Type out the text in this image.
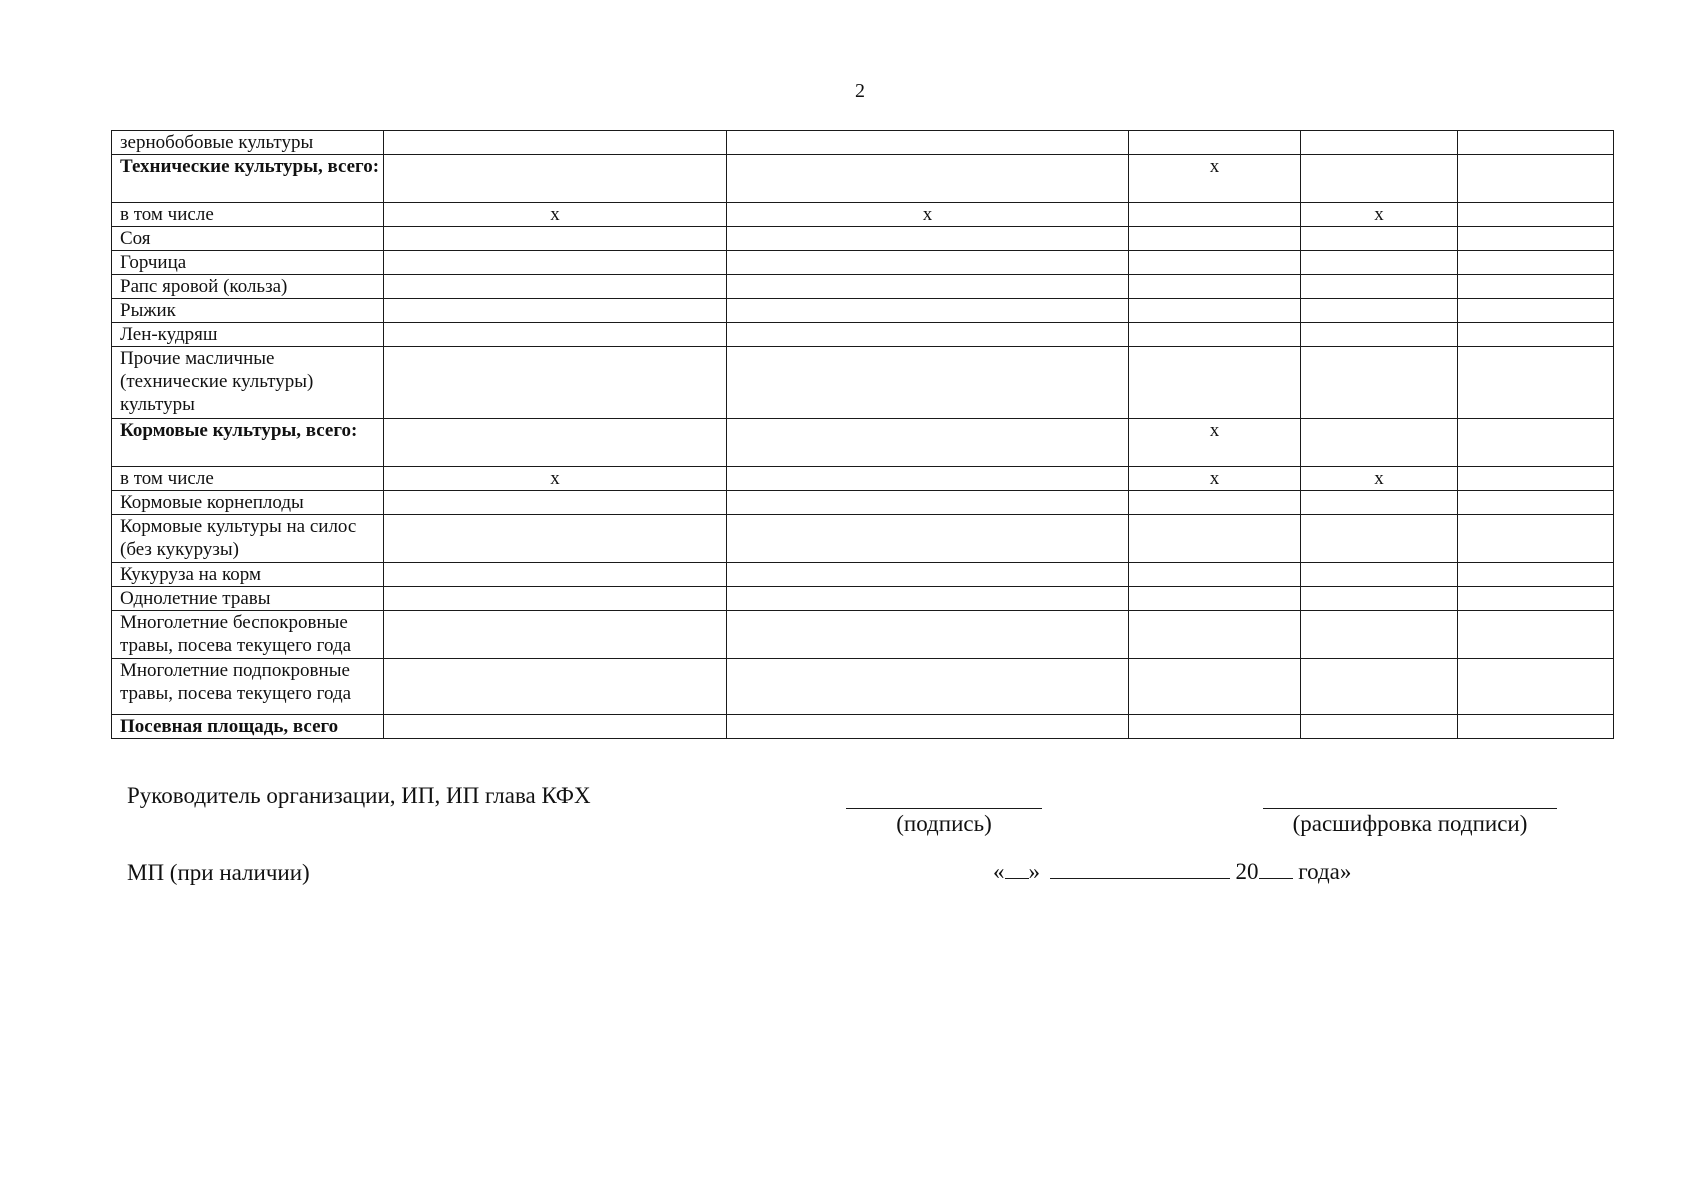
2
зернобобовые культуры					
Технические культуры, всего:			х		
в том числе	х	х		х	
Соя					
Горчица					
Рапс яровой (кольза)					
Рыжик					
Лен-кудряш					
Прочие масличные (технические культуры) культуры					
Кормовые культуры, всего:			х		
в том числе	х		х	х	
Кормовые корнеплоды					
Кормовые культуры на силос (без кукурузы)					
Кукуруза на корм					
Однолетние травы					
Многолетние беспокровные травы, посева текущего года					
Многолетние подпокровные травы, посева текущего года					
Посевная площадь, всего					
Руководитель организации, ИП, ИП глава КФХ
(подпись)	(расшифровка подписи)
МП (при наличии)	« »	20 года»
